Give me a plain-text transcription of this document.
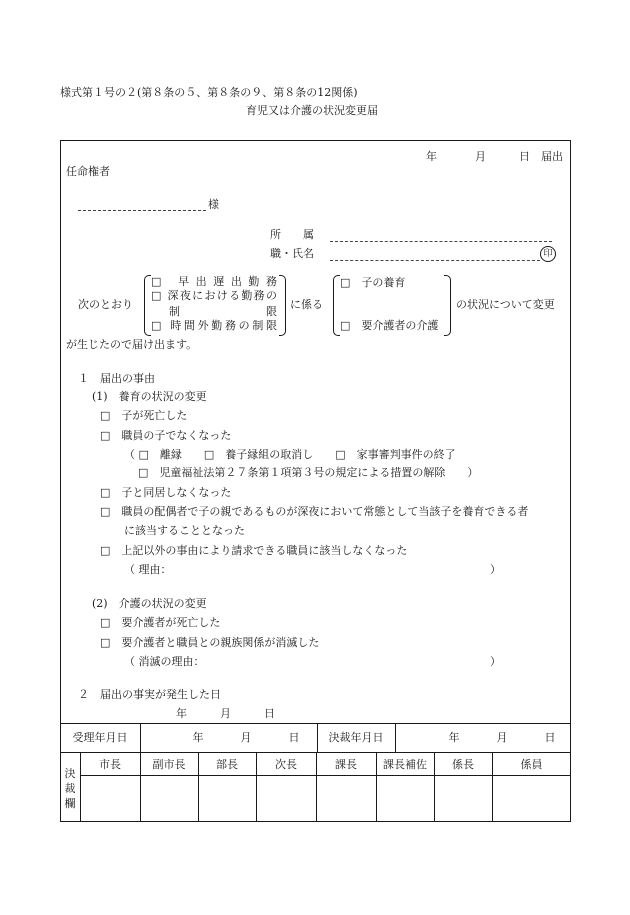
様式第１号の２(第８条の５、第８条の９、第８条の12関係)
育児又は介護の状況変更届
年	月	日 届出
任命権者
様
所　　属
職・氏名	印
次のとおり
□ 早出遅出勤務
□ 深夜における勤務の
制　　　　限
□ 時間外勤務の制限
に係る
□　子の養育
□　要介護者の介護
の状況について変更
が生じたので届け出ます。
１　届出の事由
(1)　養育の状況の変更
□　子が死亡した
□　職員の子でなくなった
（ □　離縁　　□　養子縁組の取消し　　□　家事審判事件の終了
□　児童福祉法第２７条第１項第３号の規定による措置の解除　　）
□　子と同居しなくなった
□　職員の配偶者で子の親であるものが深夜において常態として当該子を養育できる者
に該当することとなった
□　上記以外の事由により請求できる職員に該当しなくなった
（ 理由：	）
(2)　介護の状況の変更
□　要介護者が死亡した
□　要介護者と職員との親族関係が消滅した
（ 消滅の理由：	）
２　届出の事実が発生した日
年　　　月　　　日
受理年月日	年	月	日	決裁年月日	年	月	日
決裁欄
市長	副市長	部長	次長	課長	課長補佐	係長	係員
